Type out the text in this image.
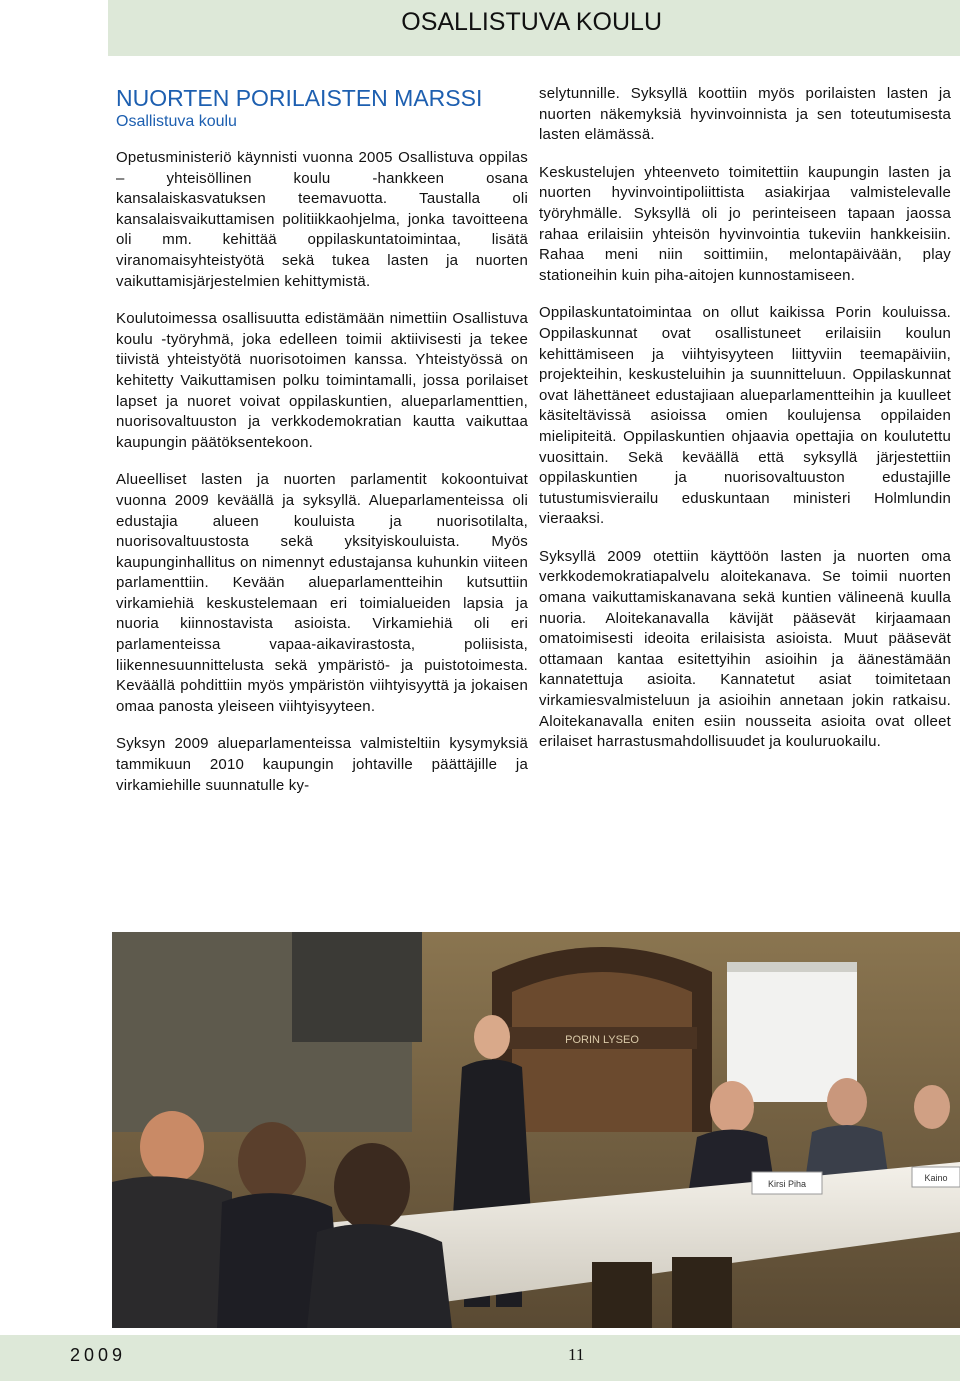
OSALLISTUVA KOULU
NUORTEN PORILAISTEN MARSSI
Osallistuva koulu

Opetusministeriö käynnisti vuonna 2005 Osallistuva oppilas – yhteisöllinen koulu -hankkeen osana kansalaiskasvatuksen teemavuotta. Taustalla oli kansalaisvaikuttamisen politiikkaohjelma, jonka tavoitteena oli mm. kehittää oppilaskuntatoimintaa, lisätä viranomaisyhteistyötä sekä tukea lasten ja nuorten vaikuttamisjärjestelmien kehittymistä.

Koulutoimessa osallisuutta edistämään nimettiin Osallistuva koulu -työryhmä, joka edelleen toimii aktiivisesti ja tekee tiivistä yhteistyötä nuorisotoimen kanssa. Yhteistyössä on kehitetty Vaikuttamisen polku toimintamalli, jossa porilaiset lapset ja nuoret voivat oppilaskuntien, alueparlamenttien, nuorisovaltuuston ja verkkodemokratian kautta vaikuttaa kaupungin päätöksentekoon.

Alueelliset lasten ja nuorten parlamentit kokoontuivat vuonna 2009 keväällä ja syksyllä. Alueparlamenteissa oli edustajia alueen kouluista ja nuorisotilalta, nuorisovaltuustosta sekä yksityiskouluista. Myös kaupunginhallitus on nimennyt edustajansa kuhunkin viiteen parlamenttiin. Kevään alueparlamentteihin kutsuttiin virkamiehiä keskustelemaan eri toimialueiden lapsia ja nuoria kiinnostavista asioista. Virkamiehiä oli eri parlamenteissa vapaa-aikavirastosta, poliisista, liikennesuunnittelusta sekä ympäristö- ja puistotoimesta. Keväällä pohdittiin myös ympäristön viihtyisyyttä ja jokaisen omaa panosta yleiseen viihtyisyyteen.

Syksyn 2009 alueparlamenteissa valmisteltiin kysymyksiä tammikuun 2010 kaupungin johtaville päättäjille ja virkamiehille suunnatulle ky-

selytunnille. Syksyllä koottiin myös porilaisten lasten ja nuorten näkemyksiä hyvinvoinnista ja sen toteutumisesta lasten elämässä.

Keskustelujen yhteenveto toimitettiin kaupungin lasten ja nuorten hyvinvointipoliittista asiakirjaa valmistelevalle työryhmälle. Syksyllä oli jo perinteiseen tapaan jaossa rahaa erilaisiin yhteisön hyvinvointia tukeviin hankkeisiin. Rahaa meni niin soittimiin, melontapäivään, play stationeihin kuin piha-aitojen kunnostamiseen.

Oppilaskuntatoimintaa on ollut kaikissa Porin kouluissa. Oppilaskunnat ovat osallistuneet erilaisiin koulun kehittämiseen ja viihtyisyyteen liittyviin teemapäiviin, projekteihin, keskusteluihin ja suunnitteluun. Oppilaskunnat ovat lähettäneet edustajiaan alueparlamentteihin ja kuulleet käsiteltävissä asioissa omien koulujensa oppilaiden mielipiteitä. Oppilaskuntien ohjaavia opettajia on koulutettu vuosittain. Sekä keväällä että syksyllä järjestettiin oppilaskuntien ja nuorisovaltuuston edustajille tutustumisvierailu eduskuntaan ministeri Holmlundin vieraaksi.

Syksyllä 2009 otettiin käyttöön lasten ja nuorten oma verkkodemokratiapalvelu aloitekanava. Se toimii nuorten omana vaikuttamiskanavana sekä kuntien välineenä kuulla nuoria. Aloitekanavalla kävijät pääsevät kirjaamaan omatoimisesti ideoita erilaisista asioista. Muut pääsevät ottamaan kantaa esitettyihin asioihin ja äänestämään kannatettuja asioita. Kannatetut asiat toimitetaan virkamiesvalmisteluun ja asioihin annetaan jokin ratkaisu. Aloitekanavalla eniten esiin nousseita asioita ovat olleet erilaiset harrastusmahdollisuudet ja kouluruokailu.

PORIN LYSEO
Kirsi Piha
Kaino
2009	11
